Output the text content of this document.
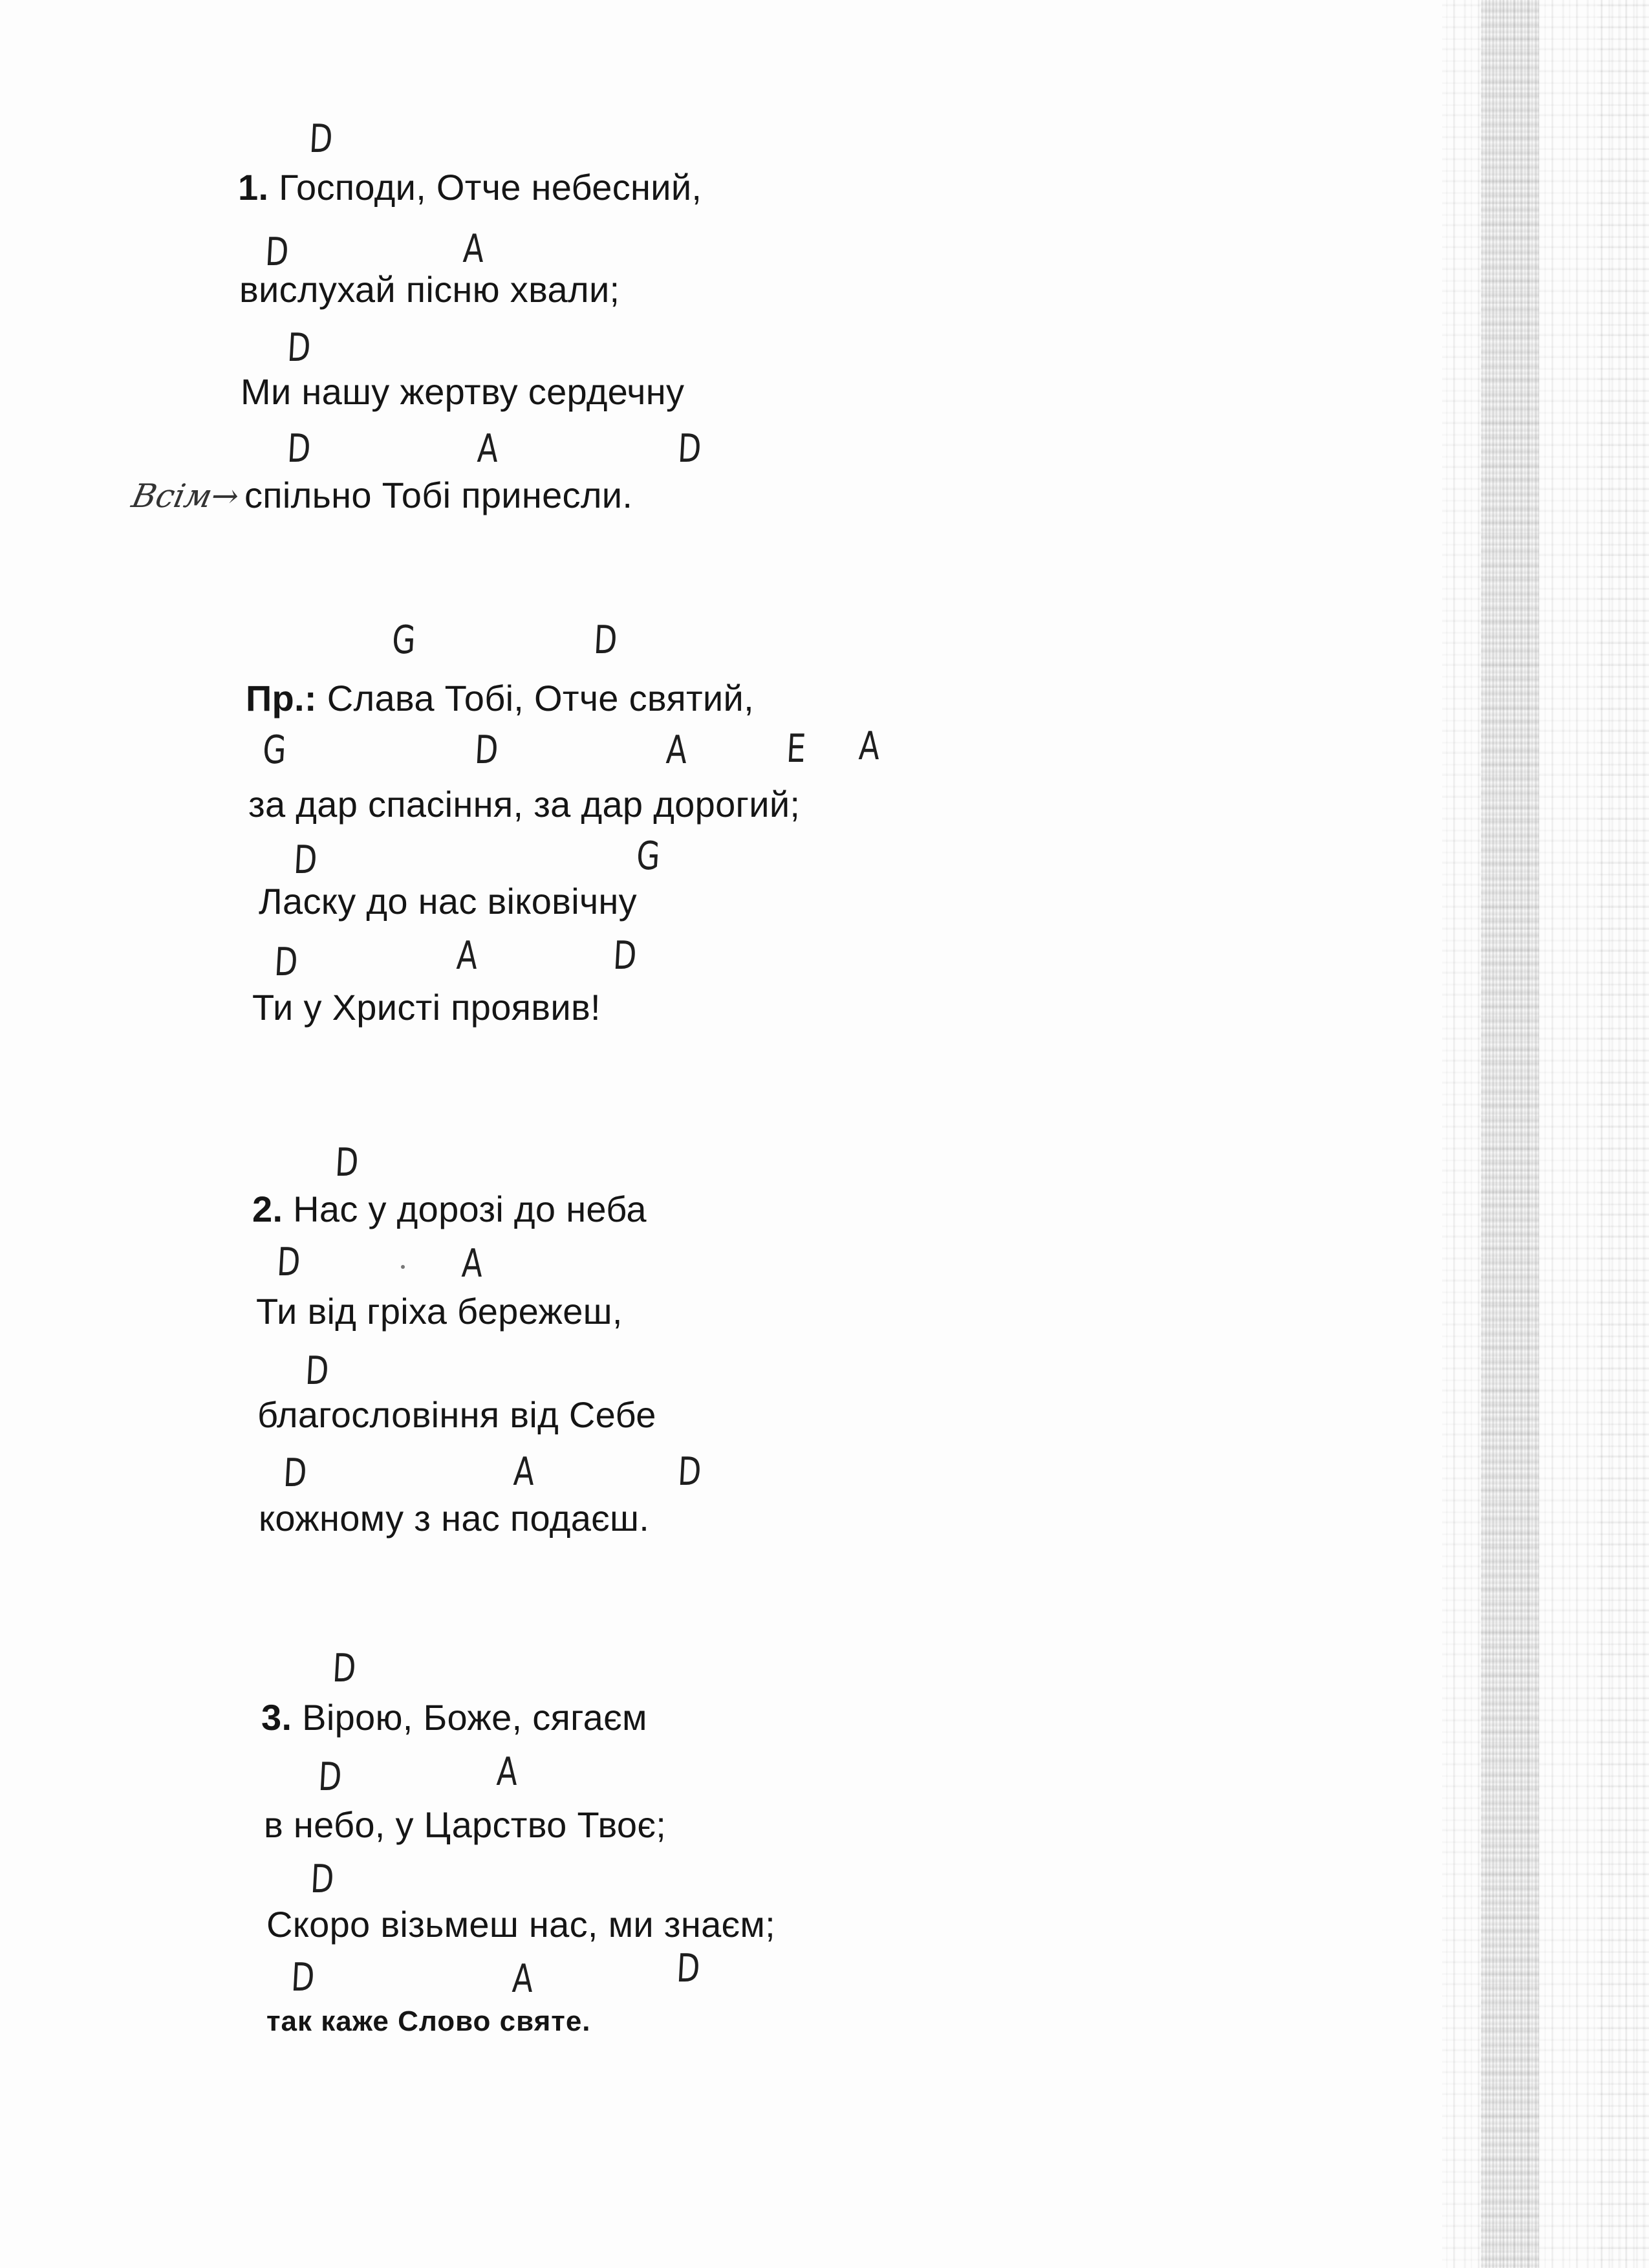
D
1. Господи, Отче небесний,
D	A
вислухай пісню хвали;
D
Ми нашу жертву сердечну
D	A	D
Всім→ спільно Тобі принесли.
G	D
Пр.: Слава Тобі, Отче святий,
G	D	A	E A
за дар спасіння, за дар дорогий;
D	G
Ласку до нас віковічну
D	A	D
Ти у Христі проявив!
D
2. Нас у дорозі до неба
D	A
Ти від гріха бережеш,
D
благословіння від Себе
D	A	D
кожному з нас подаєш.
D
3. Вірою, Боже, сягаєм
D	A
в небо, у Царство Твоє;
D
Скоро візьмеш нас, ми знаєм;
D	A	D
так каже Слово святе.
